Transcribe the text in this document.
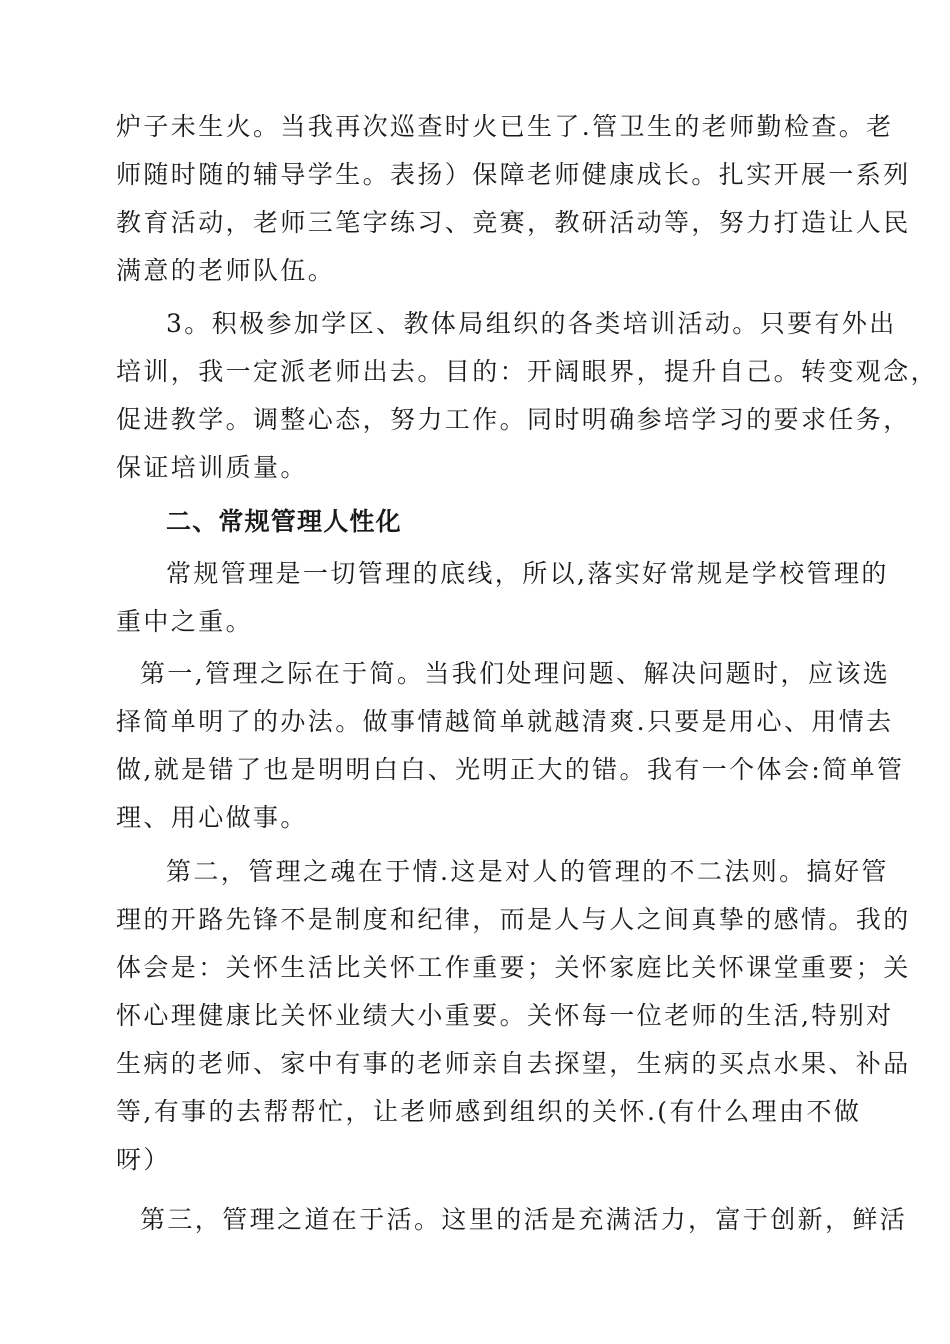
炉子未生火。当我再次巡查时火已生了.管卫生的老师勤检查。老
师随时随的辅导学生。表扬）保障老师健康成长。扎实开展一系列
教育活动，老师三笔字练习、竞赛，教研活动等，努力打造让人民
满意的老师队伍。
3。积极参加学区、教体局组织的各类培训活动。只要有外出
培训，我一定派老师出去。目的：开阔眼界，提升自己。转变观念，
促进教学。调整心态，努力工作。同时明确参培学习的要求任务，
保证培训质量。
二、常规管理人性化
常规管理是一切管理的底线，所以,落实好常规是学校管理的
重中之重。
第一,管理之际在于简。当我们处理问题、解决问题时，应该选
择简单明了的办法。做事情越简单就越清爽.只要是用心、用情去
做,就是错了也是明明白白、光明正大的错。我有一个体会:简单管
理、用心做事。
第二，管理之魂在于情.这是对人的管理的不二法则。搞好管
理的开路先锋不是制度和纪律，而是人与人之间真挚的感情。我的
体会是：关怀生活比关怀工作重要；关怀家庭比关怀课堂重要；关
怀心理健康比关怀业绩大小重要。关怀每一位老师的生活,特别对
生病的老师、家中有事的老师亲自去探望，生病的买点水果、补品
等,有事的去帮帮忙，让老师感到组织的关怀.(有什么理由不做
呀）
第三，管理之道在于活。这里的活是充满活力，富于创新，鲜活
